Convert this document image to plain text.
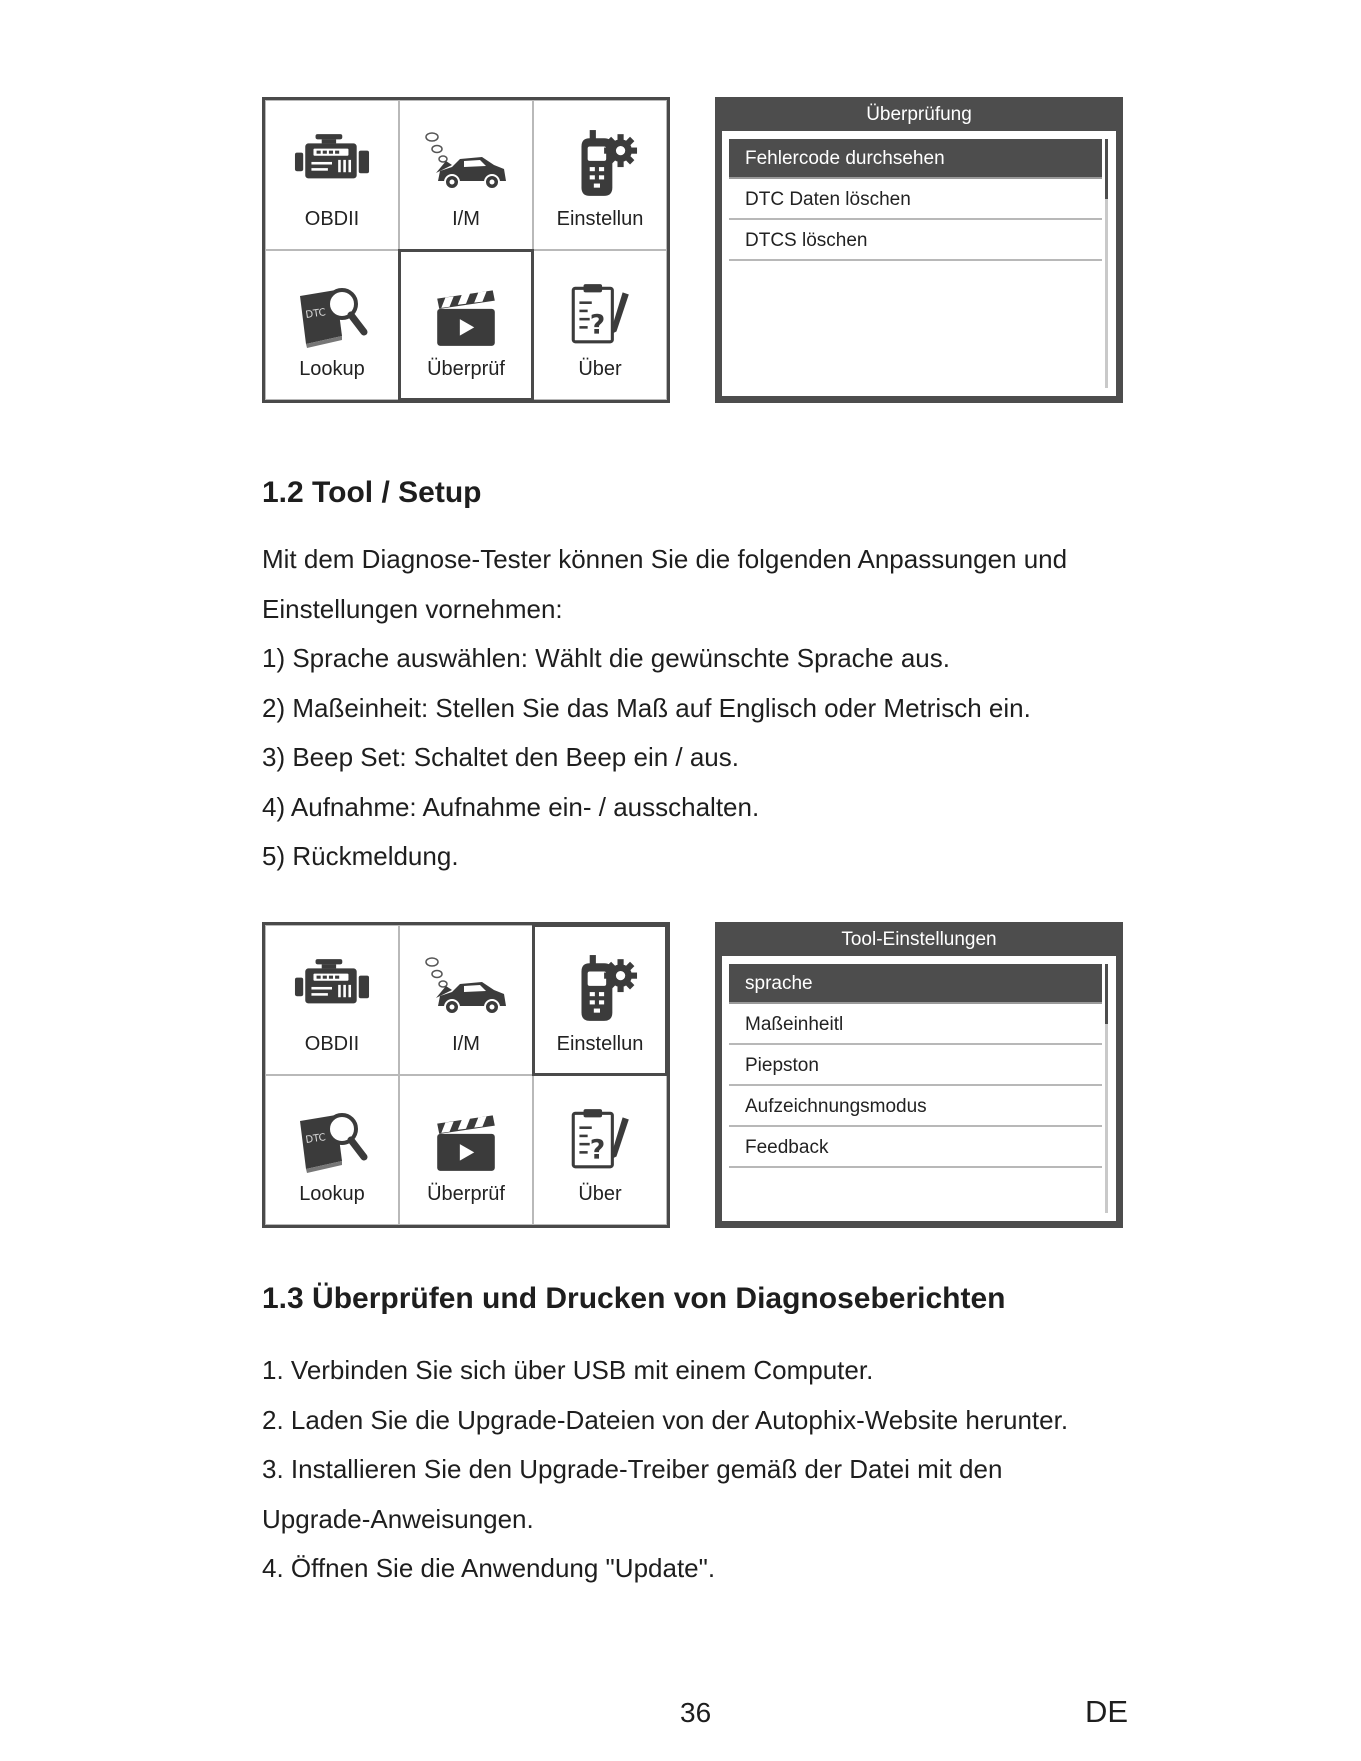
OBDII	I/M	Einstellun
Lookup	Überprüf	Über
Überprüfung
Fehlercode durchsehen
DTC Daten löschen
DTCS löschen
1.2 Tool / Setup

Mit dem Diagnose-Tester können Sie die folgenden Anpassungen und

Einstellungen vornehmen:

1) Sprache auswählen: Wählt die gewünschte Sprache aus.

2) Maßeinheit: Stellen Sie das Maß auf Englisch oder Metrisch ein.

3) Beep Set: Schaltet den Beep ein / aus.

4) Aufnahme: Aufnahme ein- / ausschalten.

5) Rückmeldung.

OBDII	I/M	Einstellun
Lookup	Überprüf	Über
Tool-Einstellungen
sprache
Maßeinheitl
Piepston
Aufzeichnungsmodus
Feedback
1.3 Überprüfen und Drucken von Diagnoseberichten

1. Verbinden Sie sich über USB mit einem Computer.

2. Laden Sie die Upgrade-Dateien von der Autophix-Website herunter.

3. Installieren Sie den Upgrade-Treiber gemäß der Datei mit den

Upgrade-Anweisungen.

4. Öffnen Sie die Anwendung "Update".

36	DE
